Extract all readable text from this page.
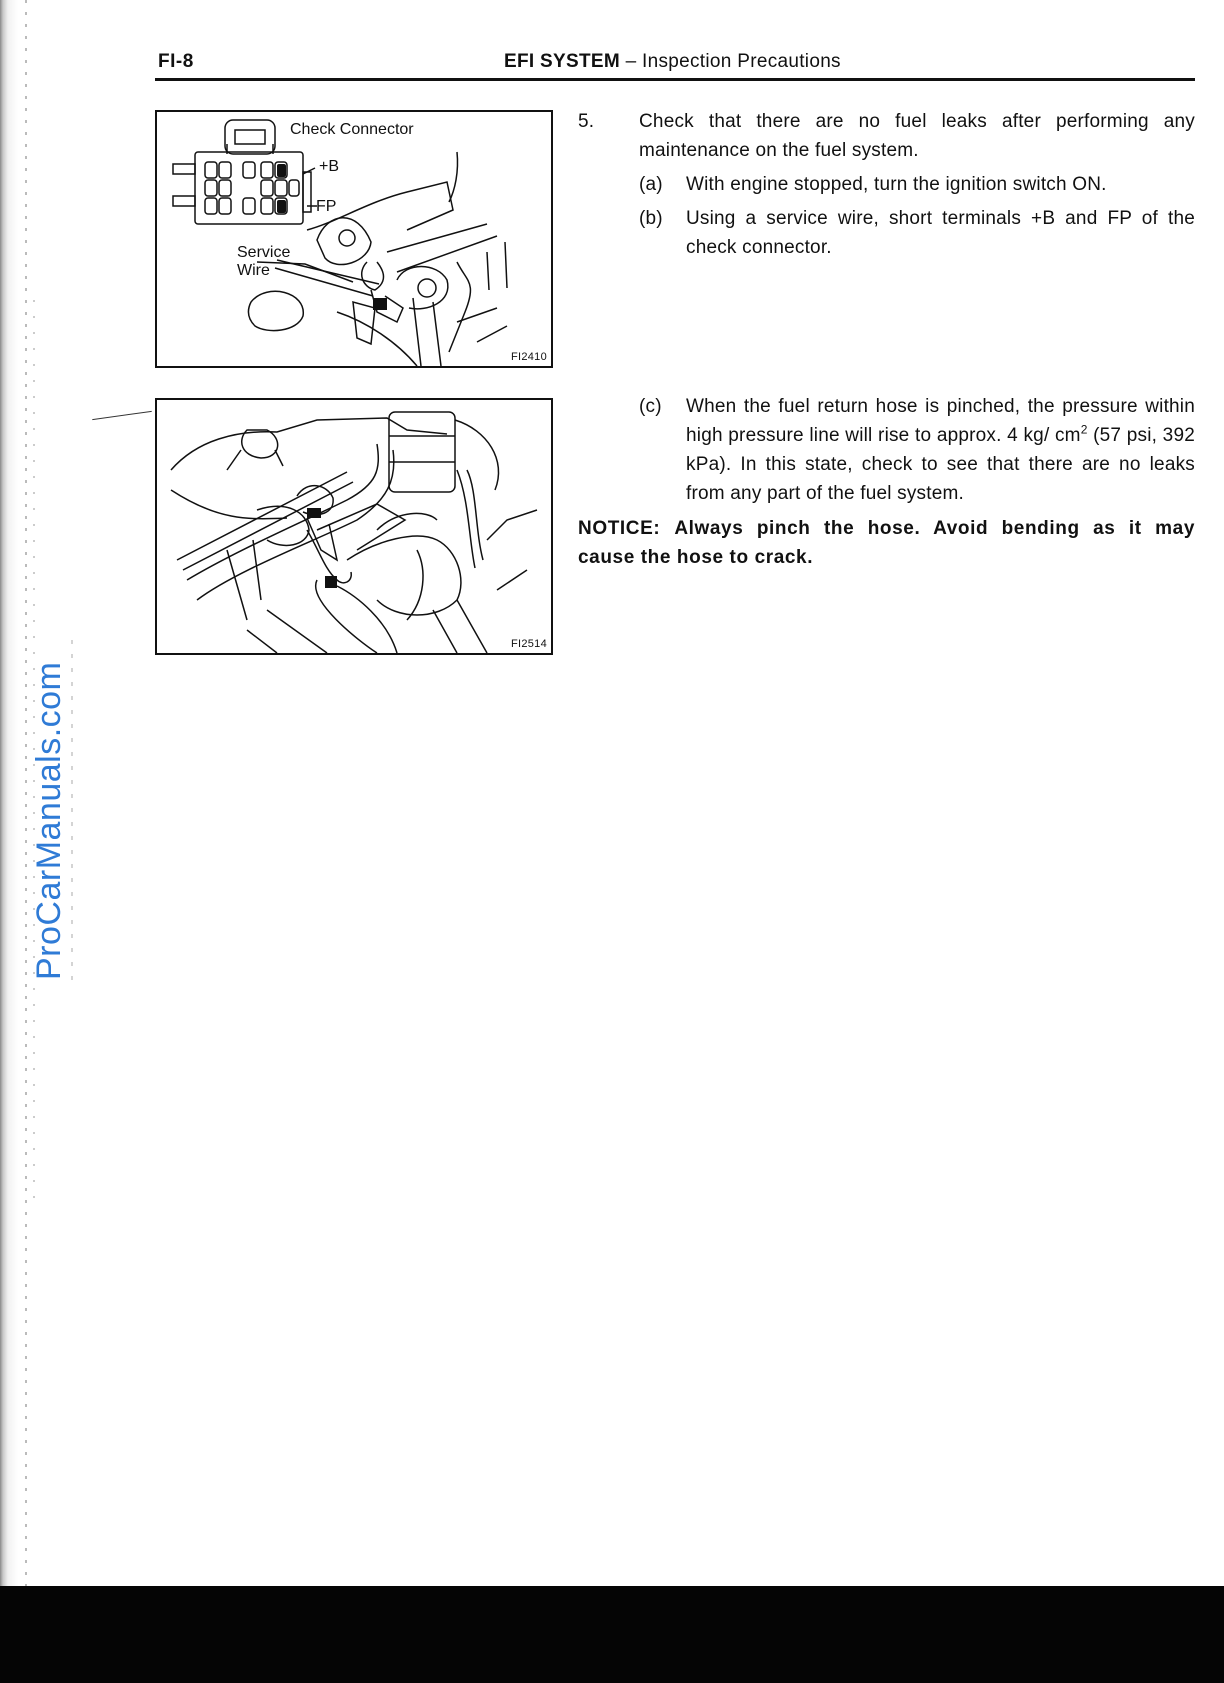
FI-8	EFI SYSTEM – Inspection Precautions
Check Connector
+B
FP
Service
Wire
FI2410
FI2514
5. Check that there are no fuel leaks after performing any maintenance on the fuel system.
(a) With engine stopped, turn the ignition switch ON.
(b) Using a service wire, short terminals +B and FP of the check connector.
(c) When the fuel return hose is pinched, the pressure within high pressure line will rise to approx. 4 kg/ $cm^2$ (57 psi, 392 kPa). In this state, check to see that there are no leaks from any part of the fuel system.
NOTICE: Always pinch the hose. Avoid bending as it may cause the hose to crack.
ProCarManuals.com
